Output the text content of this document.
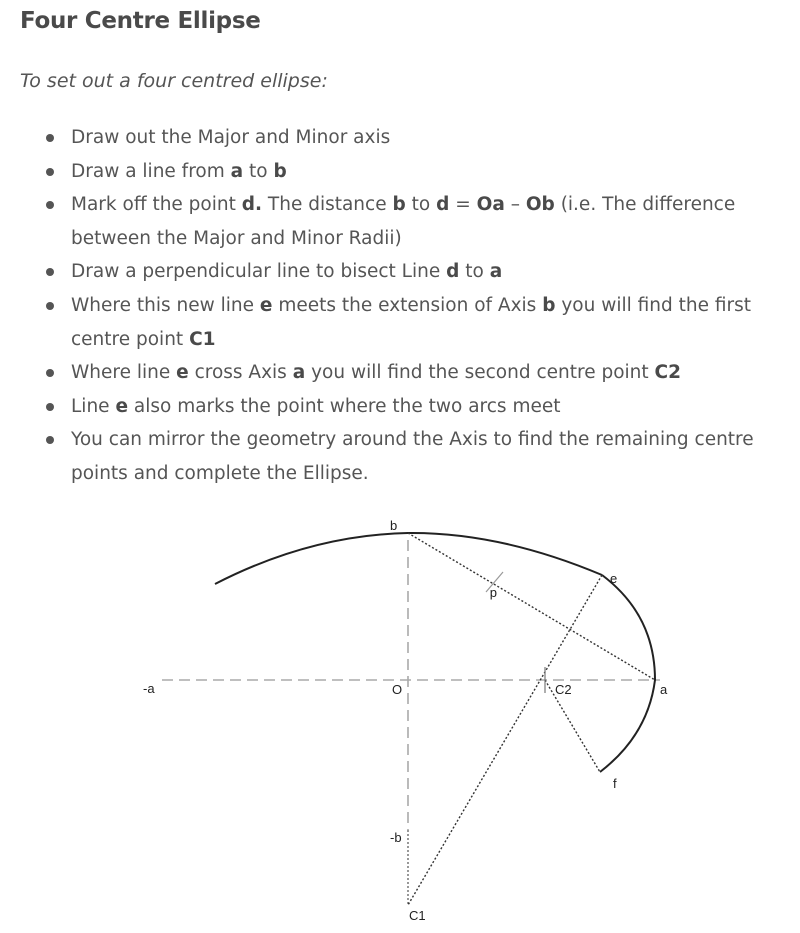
Four Centre Ellipse

To set out a four centred ellipse:

Draw out the Major and Minor axis
Draw a line from a to b
Mark off the point d. The distance b to d = Oa – Ob (i.e. The difference between the Major and Minor Radii)
Draw a perpendicular line to bisect Line d to a
Where this new line e meets the extension of Axis b you will find the first centre point C1
Where line e cross Axis a you will find the second centre point C2
Line e also marks the point where the two arcs meet
You can mirror the geometry around the Axis to find the remaining centre points and complete the Ellipse.
b
-a	O	C2	a
e
d
f
-b
C1
